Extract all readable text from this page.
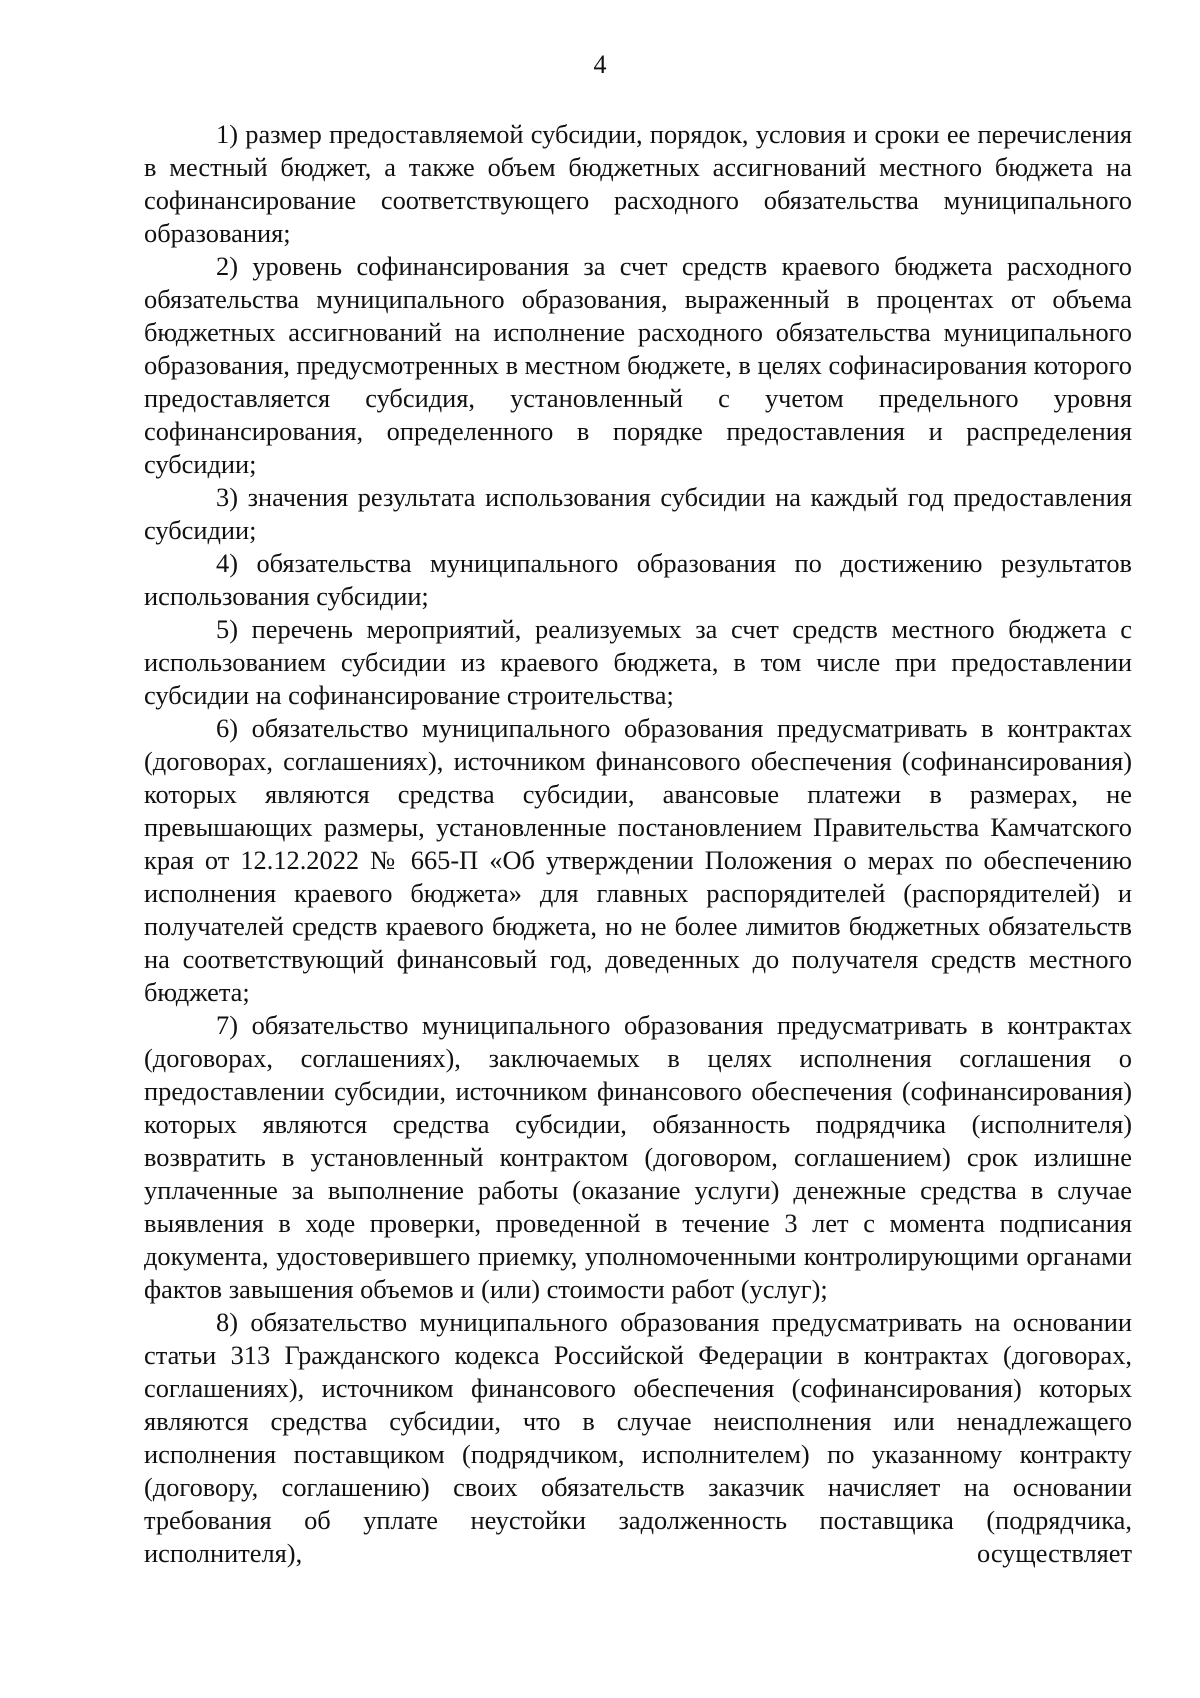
4

1) размер предоставляемой субсидии, порядок, условия и сроки ее перечисления в местный бюджет, а также объем бюджетных ассигнований местного бюджета на софинансирование соответствующего расходного обязательства муниципального образования;

2) уровень софинансирования за счет средств краевого бюджета расходного обязательства муниципального образования, выраженный в процентах от объема бюджетных ассигнований на исполнение расходного обязательства муниципального образования, предусмотренных в местном бюджете, в целях софинасирования которого предоставляется субсидия, установленный с учетом предельного уровня софинансирования, определенного в порядке предоставления и распределения субсидии;

3) значения результата использования субсидии на каждый год предоставления субсидии;

4) обязательства муниципального образования по достижению результатов использования субсидии;

5) перечень мероприятий, реализуемых за счет средств местного бюджета с использованием субсидии из краевого бюджета, в том числе при предоставлении субсидии на софинансирование строительства;

6) обязательство муниципального образования предусматривать в контрактах (договорах, соглашениях), источником финансового обеспечения (софинансирования) которых являются средства субсидии, авансовые платежи в размерах, не превышающих размеры, установленные постановлением Правительства Камчатского края от 12.12.2022 № 665-П «Об утверждении Положения о мерах по обеспечению исполнения краевого бюджета» для главных распорядителей (распорядителей) и получателей средств краевого бюджета, но не более лимитов бюджетных обязательств на соответствующий финансовый год, доведенных до получателя средств местного бюджета;

7) обязательство муниципального образования предусматривать в контрактах (договорах, соглашениях), заключаемых в целях исполнения соглашения о предоставлении субсидии, источником финансового обеспечения (софинансирования) которых являются средства субсидии, обязанность подрядчика (исполнителя) возвратить в установленный контрактом (договором, соглашением) срок излишне уплаченные за выполнение работы (оказание услуги) денежные средства в случае выявления в ходе проверки, проведенной в течение 3 лет с момента подписания документа, удостоверившего приемку, уполномоченными контролирующими органами фактов завышения объемов и (или) стоимости работ (услуг);

8) обязательство муниципального образования предусматривать на основании статьи 313 Гражданского кодекса Российской Федерации в контрактах (договорах, соглашениях), источником финансового обеспечения (софинансирования) которых являются средства субсидии, что в случае неисполнения или ненадлежащего исполнения поставщиком (подрядчиком, исполнителем) по указанному контракту (договору, соглашению) своих обязательств заказчик начисляет на основании требования об уплате неустойки задолженность поставщика (подрядчика, исполнителя), осуществляет
